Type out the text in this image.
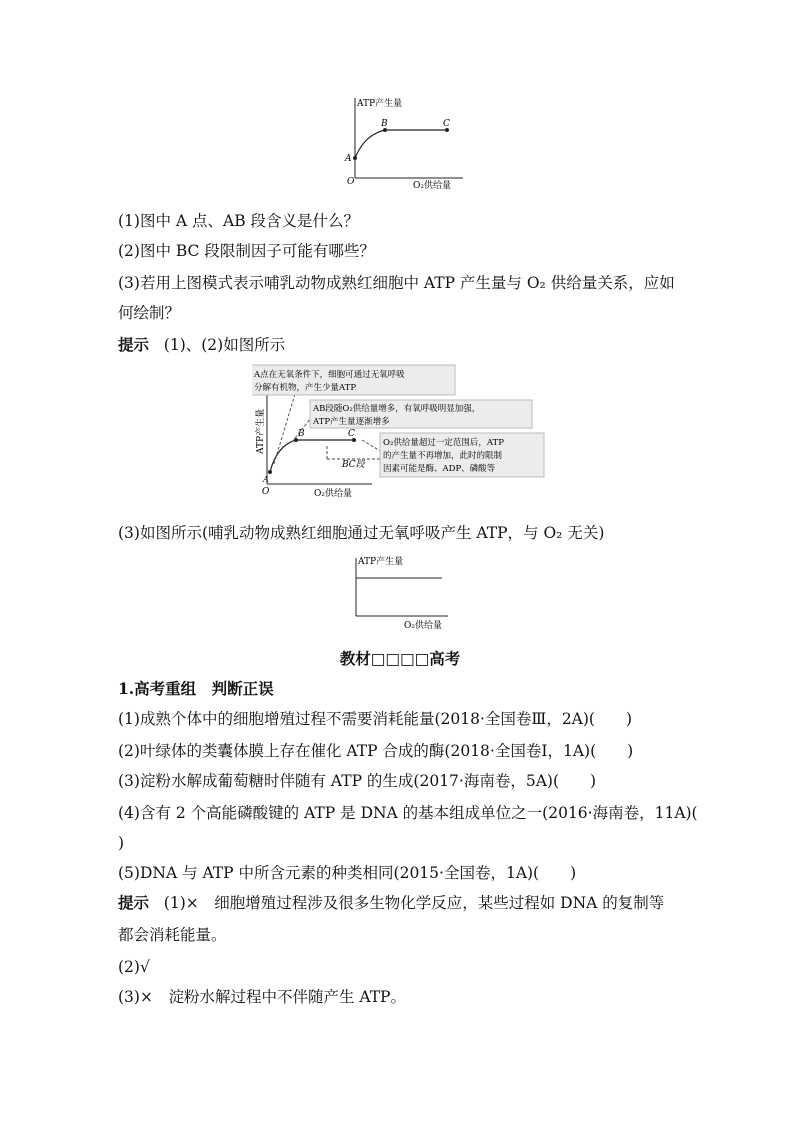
ATP产生量
O₂供给量
O
A
B	C
(1)图中 A 点、AB 段含义是什么？
(2)图中 BC 段限制因子可能有哪些？
(3)若用上图模式表示哺乳动物成熟红细胞中 ATP 产生量与 O₂ 供给量关系，应如
何绘制？
提示 (1)、(2)如图所示
ATP产生量
O₂供给量
O
A
B	C
BC段
A点在无氧条件下，细胞可通过无氧呼吸
分解有机物，产生少量ATP
AB段随O₂供给量增多，有氧呼吸明显加强，
ATP产生量逐渐增多
O₂供给量超过一定范围后，ATP
的产生量不再增加，此时的限制
因素可能是酶、ADP、磷酸等
(3)如图所示(哺乳动物成熟红细胞通过无氧呼吸产生 ATP，与 O₂ 无关)
ATP产生量
O₂供给量
教材□□□□高考
1.高考重组　判断正误
(1)成熟个体中的细胞增殖过程不需要消耗能量(2018·全国卷Ⅲ，2A)(　　)
(2)叶绿体的类囊体膜上存在催化 ATP 合成的酶(2018·全国卷Ⅰ，1A)(　　)
(3)淀粉水解成葡萄糖时伴随有 ATP 的生成(2017·海南卷，5A)(　　)
(4)含有 2 个高能磷酸键的 ATP 是 DNA 的基本组成单位之一(2016·海南卷，11A)(
)
(5)DNA 与 ATP 中所含元素的种类相同(2015·全国卷，1A)(　　)
提示 (1)×　细胞增殖过程涉及很多生物化学反应，某些过程如 DNA 的复制等
都会消耗能量。
(2)√
(3)×　淀粉水解过程中不伴随产生 ATP。
